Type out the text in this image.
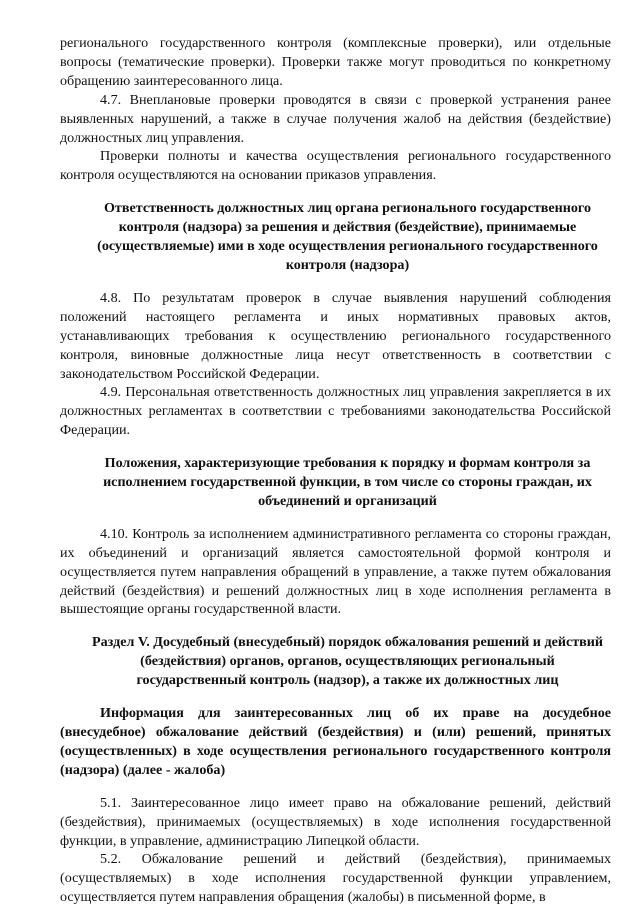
регионального государственного контроля (комплексные проверки), или отдельные вопросы (тематические проверки). Проверки также могут проводиться по конкретному обращению заинтересованного лица.

4.7. Внеплановые проверки проводятся в связи с проверкой устранения ранее выявленных нарушений, а также в случае получения жалоб на действия (бездействие) должностных лиц управления.

Проверки полноты и качества осуществления регионального государственного контроля осуществляются на основании приказов управления.

Ответственность должностных лиц органа регионального государственного контроля (надзора) за решения и действия (бездействие), принимаемые (осуществляемые) ими в ходе осуществления регионального государственного контроля (надзора)

4.8. По результатам проверок в случае выявления нарушений соблюдения положений настоящего регламента и иных нормативных правовых актов, устанавливающих требования к осуществлению регионального государственного контроля, виновные должностные лица несут ответственность в соответствии с законодательством Российской Федерации.

4.9. Персональная ответственность должностных лиц управления закрепляется в их должностных регламентах в соответствии с требованиями законодательства Российской Федерации.

Положения, характеризующие требования к порядку и формам контроля за исполнением государственной функции, в том числе со стороны граждан, их объединений и организаций

4.10. Контроль за исполнением административного регламента со стороны граждан, их объединений и организаций является самостоятельной формой контроля и осуществляется путем направления обращений в управление, а также путем обжалования действий (бездействия) и решений должностных лиц в ходе исполнения регламента в вышестоящие органы государственной власти.

Раздел V. Досудебный (внесудебный) порядок обжалования решений и действий (бездействия) органов, органов, осуществляющих региональный государственный контроль (надзор), а также их должностных лиц

Информация для заинтересованных лиц об их праве на досудебное (внесудебное) обжалование действий (бездействия) и (или) решений, принятых (осуществленных) в ходе осуществления регионального государственного контроля (надзора) (далее - жалоба)

5.1. Заинтересованное лицо имеет право на обжалование решений, действий (бездействия), принимаемых (осуществляемых) в ходе исполнения государственной функции, в управление, администрацию Липецкой области.

5.2. Обжалование решений и действий (бездействия), принимаемых (осуществляемых) в ходе исполнения государственной функции управлением, осуществляется путем направления обращения (жалобы) в письменной форме, в
